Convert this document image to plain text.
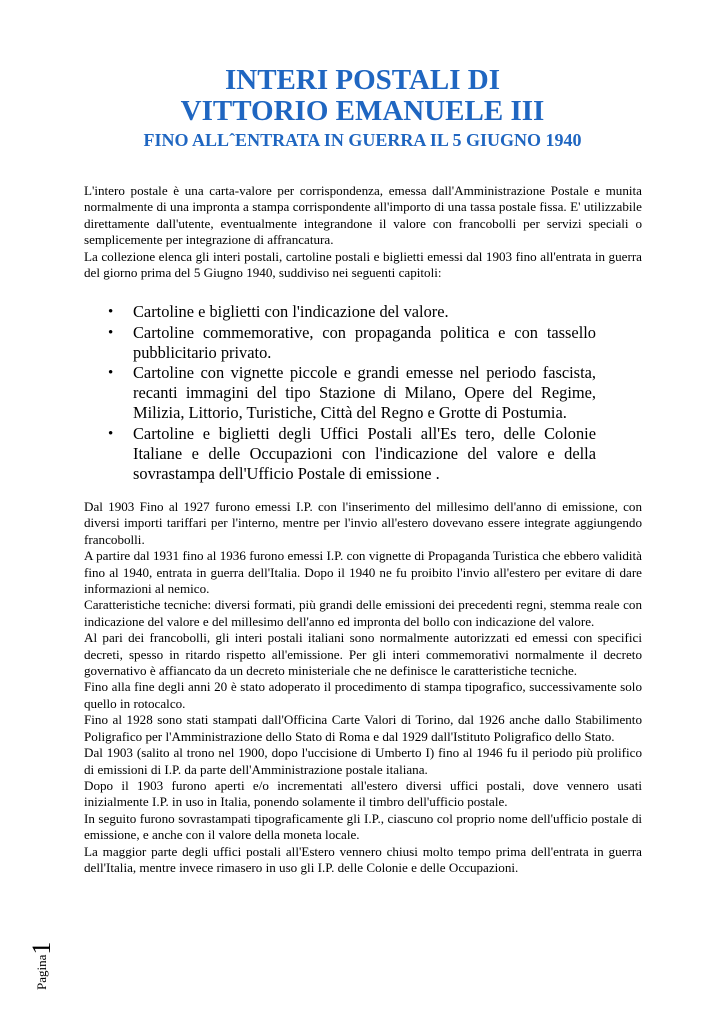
INTERI POSTALI DI
VITTORIO EMANUELE III
FINO ALLˆENTRATA IN GUERRA IL 5 GIUGNO 1940

L'intero postale è una carta-valore per corrispondenza, emessa dall'Amministrazione Postale e munita normalmente di una impronta a stampa corrispondente all'importo di una tassa postale fissa. E' utilizzabile direttamente dall'utente, eventualmente integrandone il valore con francobolli per servizi speciali o semplicemente per integrazione di affrancatura.

La collezione elenca gli interi postali, cartoline postali e biglietti emessi dal 1903 fino all'entrata in guerra del giorno prima del 5 Giugno 1940, suddiviso nei seguenti capitoli:

• Cartoline e biglietti con l'indicazione del valore.
• Cartoline commemorative, con propaganda politica e con tassello pubblicitario privato.
• Cartoline con vignette piccole e grandi emesse nel periodo fascista, recanti immagini del tipo Stazione di Milano, Opere del Regime, Milizia, Littorio, Turistiche, Città del Regno e Grotte di Postumia.
• Cartoline e biglietti degli Uffici Postali all'Es tero, delle Colonie Italiane e delle Occupazioni con l'indicazione del valore e della sovrastampa dell'Ufficio Postale di emissione .

Dal 1903 Fino al 1927 furono emessi I.P. con l'inserimento del millesimo dell'anno di emissione, con diversi importi tariffari per l'interno, mentre per l'invio all'estero dovevano essere integrate aggiungendo francobolli.

A partire dal 1931 fino al 1936 furono emessi I.P. con vignette di Propaganda Turistica che ebbero validità fino al 1940, entrata in guerra dell'Italia. Dopo il 1940 ne fu proibito l'invio all'estero per evitare di dare informazioni al nemico.

Caratteristiche tecniche: diversi formati, più grandi delle emissioni dei precedenti regni, stemma reale con indicazione del valore e del millesimo dell'anno ed impronta del bollo con indicazione del valore.

Al pari dei francobolli, gli interi postali italiani sono normalmente autorizzati ed emessi con specifici decreti, spesso in ritardo rispetto all'emissione. Per gli interi commemorativi normalmente il decreto governativo è affiancato da un decreto ministeriale che ne definisce le caratteristiche tecniche.

Fino alla fine degli anni 20 è stato adoperato il procedimento di stampa tipografico, successivamente solo quello in rotocalco.

Fino al 1928 sono stati stampati dall'Officina Carte Valori di Torino, dal 1926 anche dallo Stabilimento Poligrafico per l'Amministrazione dello Stato di Roma e dal 1929 dall'Istituto Poligrafico dello Stato.

Dal 1903 (salito al trono nel 1900, dopo l'uccisione di Umberto I) fino al 1946 fu il periodo più prolifico di emissioni di I.P. da parte dell'Amministrazione postale italiana.

Dopo il 1903 furono aperti e/o incrementati all'estero diversi uffici postali, dove vennero usati inizialmente I.P. in uso in Italia, ponendo solamente il timbro dell'ufficio postale.

In seguito furono sovrastampati tipograficamente gli I.P., ciascuno col proprio nome dell'ufficio postale di emissione, e anche con il valore della moneta locale.

La maggior parte degli uffici postali all'Estero vennero chiusi molto tempo prima dell'entrata in guerra dell'Italia, mentre invece rimasero in uso gli I.P. delle Colonie e delle Occupazioni.

Pagina1
